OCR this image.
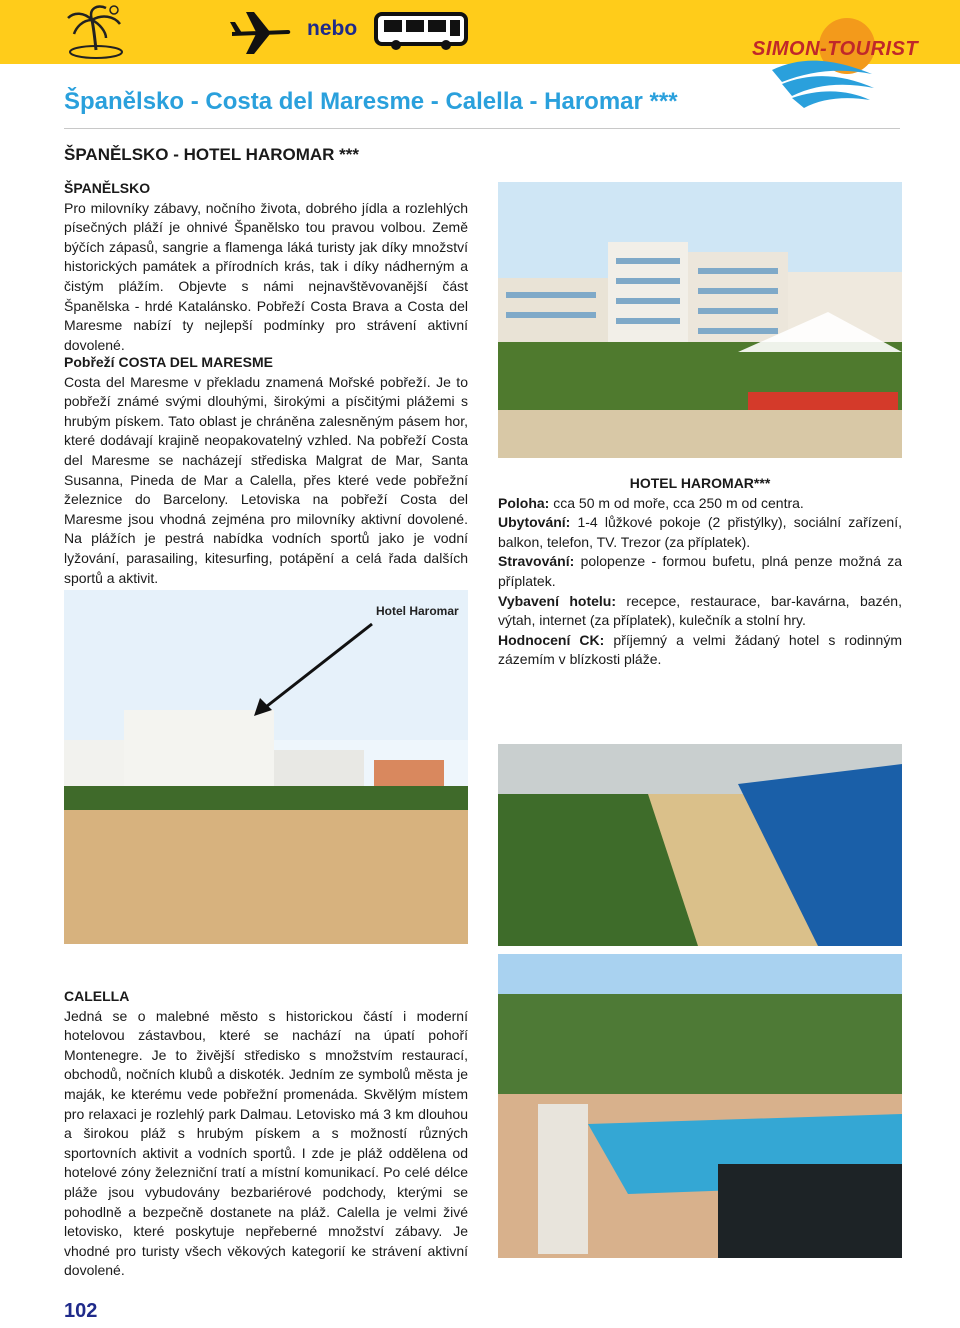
nebo
SIMON-TOURIST
Španělsko - Costa del Maresme - Calella - Haromar ***
ŠPANĚLSKO - HOTEL HAROMAR ***
ŠPANĚLSKO

Pro milovníky zábavy, nočního života, dobrého jídla a rozlehlých písečných pláží je ohnivé Španělsko tou pravou volbou. Země býčích zápasů, sangrie a flamenga láká turisty jak díky množství historických památek a přírodních krás, tak i díky nádherným a čistým plážím. Objevte s námi nejnavštěvovanější část Španělska - hrdé Katalánsko. Pobřeží Costa Brava a Costa del Maresme nabízí ty nejlepší podmínky pro strávení aktivní dovolené.

Pobřeží COSTA DEL MARESME

Costa del Maresme v překladu znamená Mořské pobřeží. Je to pobřeží známé svými dlouhými, širokými a písčitými plážemi s hrubým pískem. Tato oblast je chráněna zalesněným pásem hor, které dodávají krajině neopakovatelný vzhled. Na pobřeží Costa del Maresme se nacházejí střediska Malgrat de Mar, Santa Susanna, Pineda de Mar a Calella, přes které vede pobřežní železnice do Barcelony. Letoviska na pobřeží Costa del Maresme jsou vhodná zejména pro milovníky aktivní dovolené. Na plážích je pestrá nabídka vodních sportů jako je vodní lyžování, parasailing, kitesurfing, potápění a celá řada dalších sportů a aktivit.

HOTEL HAROMAR***

Poloha: cca 50 m od moře, cca 250 m od centra.

Ubytování: 1-4 lůžkové pokoje (2 přistýlky), sociální zařízení, balkon, telefon, TV. Trezor (za příplatek).

Stravování: polopenze - formou bufetu, plná penze možná za příplatek.

Vybavení hotelu: recepce, restaurace, bar-kavárna, bazén, výtah, internet (za příplatek), kulečník a stolní hry.

Hodnocení CK: příjemný a velmi žádaný hotel s rodinným zázemím v blízkosti pláže.

Hotel Haromar
CALELLA

Jedná se o malebné město s historickou částí i moderní hotelovou zástavbou, které se nachází na úpatí pohoří Montenegre. Je to živější středisko s množstvím restaurací, obchodů, nočních klubů a diskoték. Jedním ze symbolů města je maják, ke kterému vede pobřežní promenáda. Skvělým místem pro relaxaci je rozlehlý park Dalmau. Letovisko má 3 km dlouhou a širokou pláž s hrubým pískem a s možností různých sportovních aktivit a vodních sportů. I zde je pláž oddělena od hotelové zóny železniční tratí a místní komunikací. Po celé délce pláže jsou vybudovány bezbariérové podchody, kterými se pohodlně a bezpečně dostanete na pláž. Calella je velmi živé letovisko, které poskytuje nepřeberné množství zábavy. Je vhodné pro turisty všech věkových kategorií ke strávení aktivní dovolené.

102
